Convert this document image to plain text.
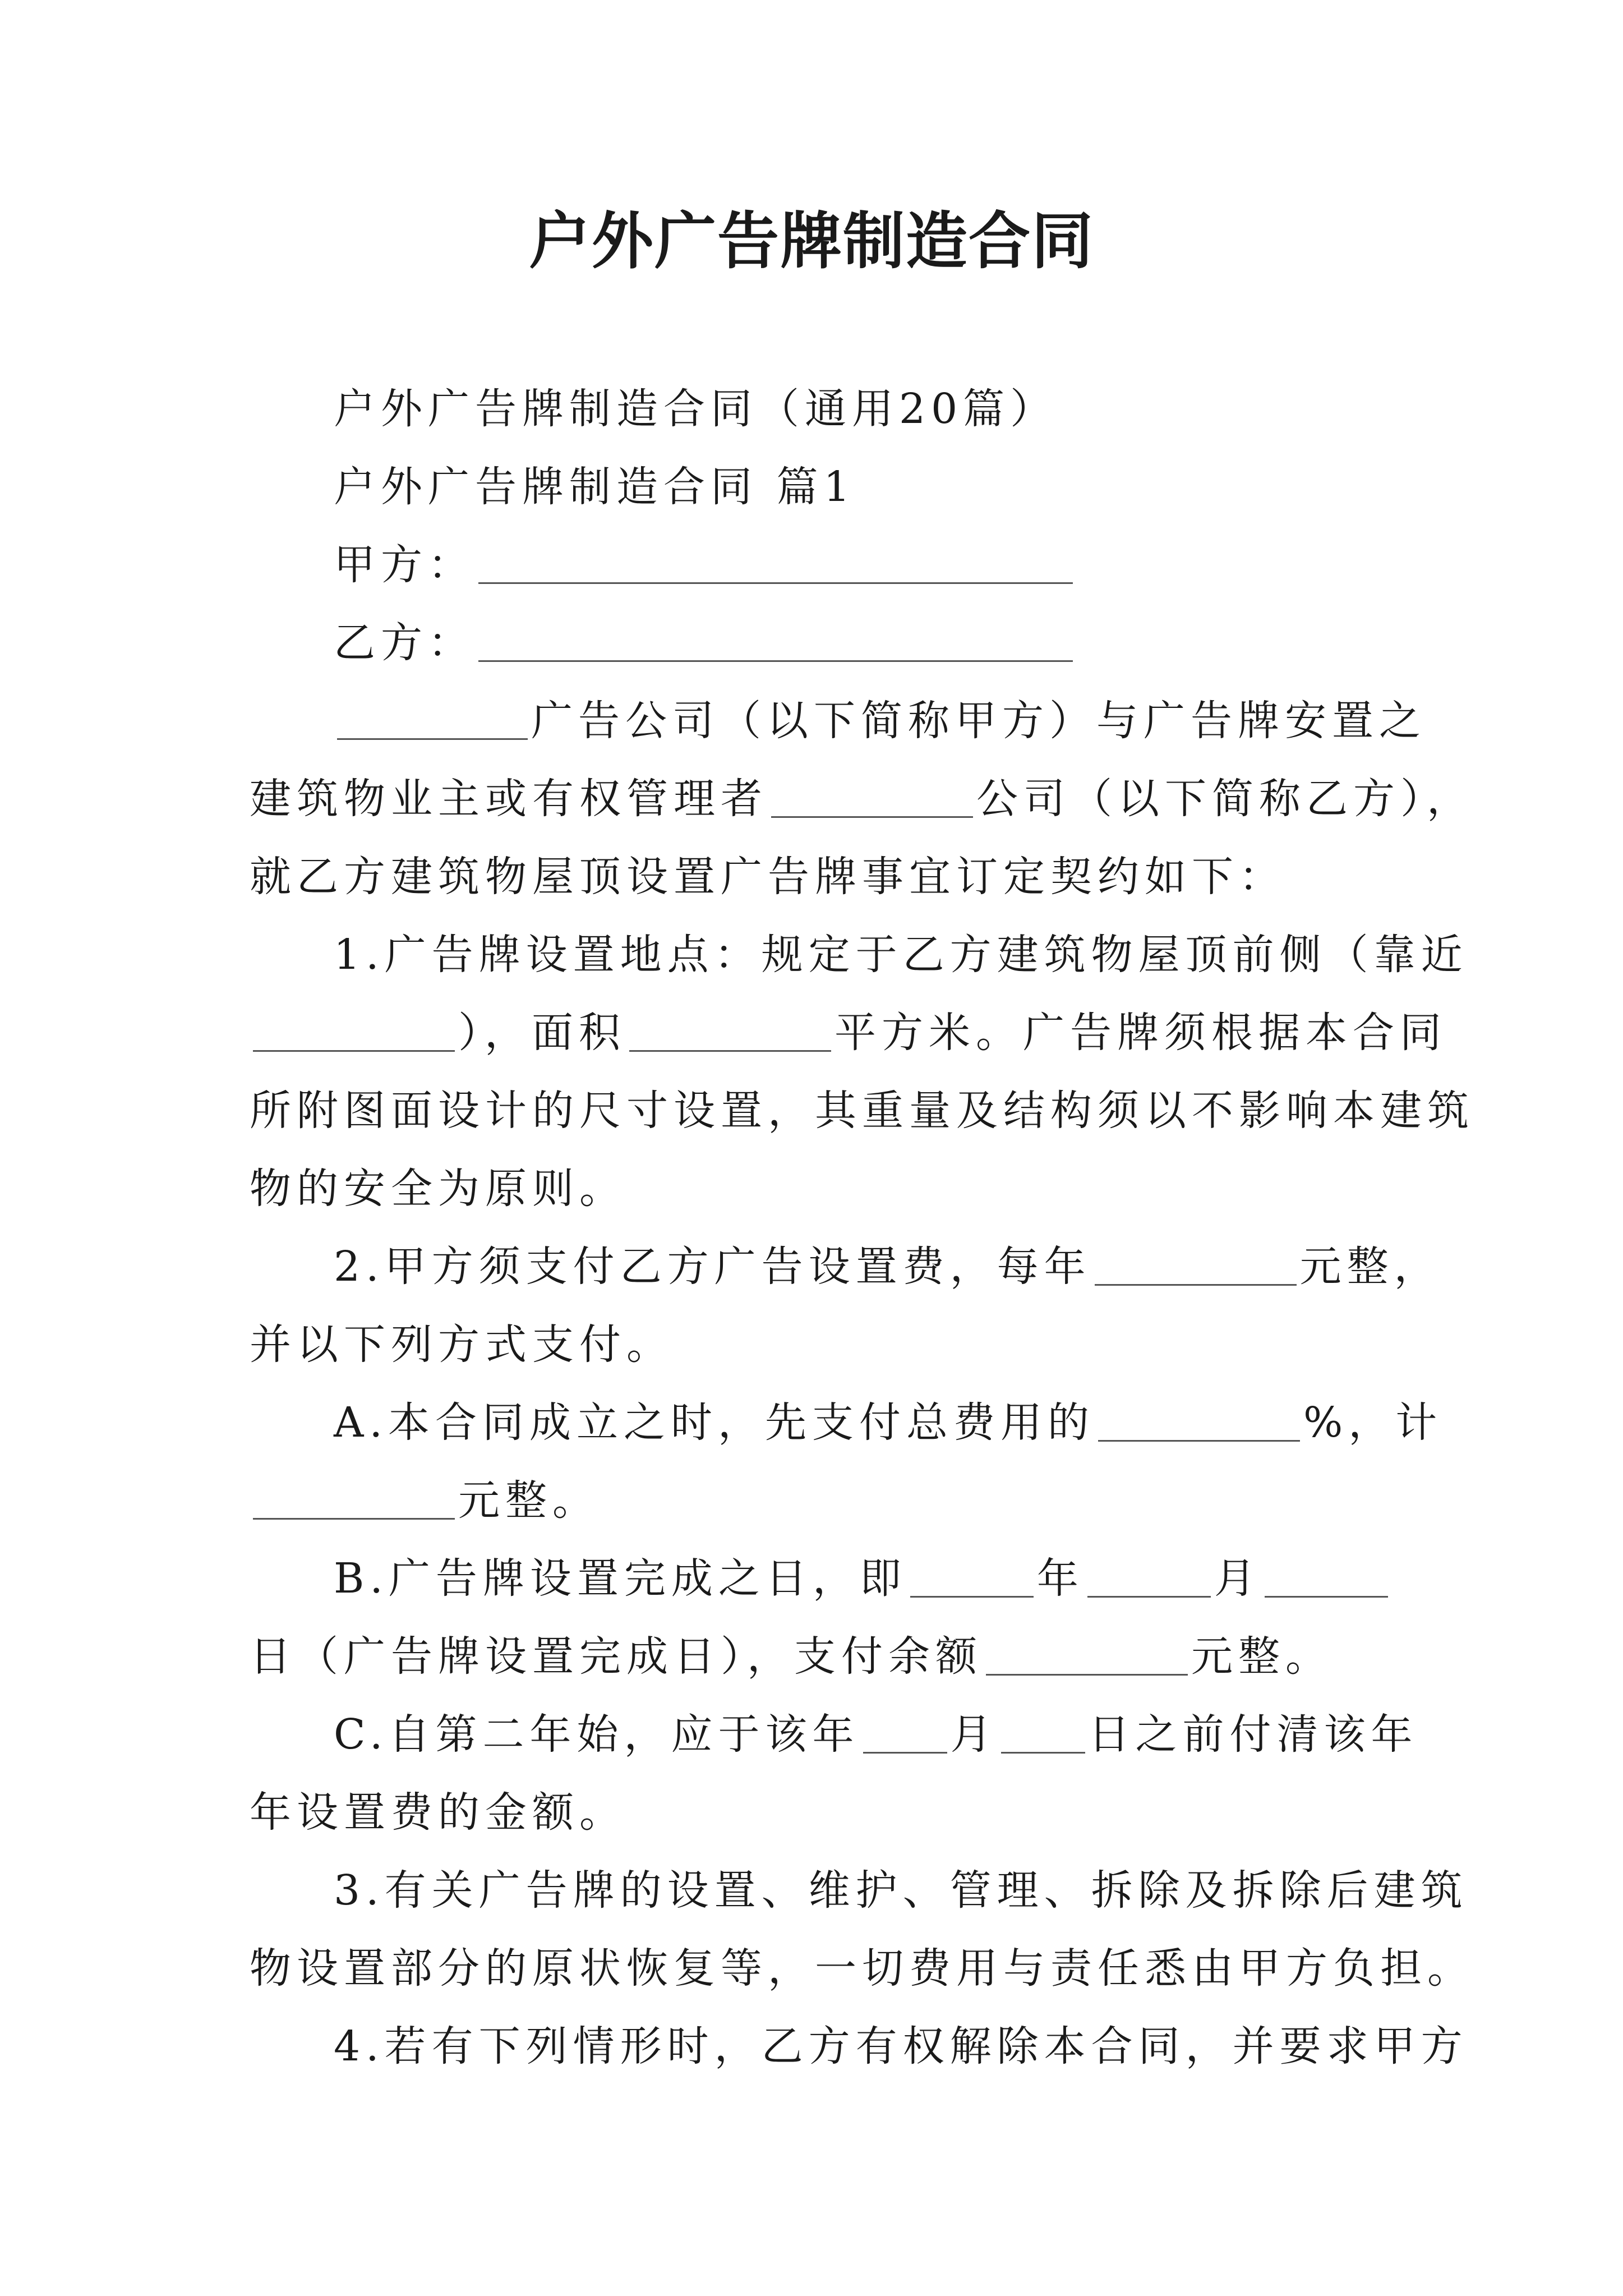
户外广告牌制造合同

户外广告牌制造合同（通用20篇）

户外广告牌制造合同 篇1

甲方：

乙方：

广告公司（以下简称甲方）与广告牌安置之

建筑物业主或有权管理者	公司（以下简称乙方），

就乙方建筑物屋顶设置广告牌事宜订定契约如下：

1.广告牌设置地点：规定于乙方建筑物屋顶前侧（靠近

），面积	平方米。广告牌须根据本合同

所附图面设计的尺寸设置，其重量及结构须以不影响本建筑

物的安全为原则。

2.甲方须支付乙方广告设置费，每年	元整，

并以下列方式支付。

A.本合同成立之时，先支付总费用的	%，计

元整。

B.广告牌设置完成之日，即	年	月

日（广告牌设置完成日），支付余额	元整。

C.自第二年始，应于该年 月 日之前付清该年

年设置费的金额。

3.有关广告牌的设置、维护、管理、拆除及拆除后建筑

物设置部分的原状恢复等，一切费用与责任悉由甲方负担。

4.若有下列情形时，乙方有权解除本合同，并要求甲方
